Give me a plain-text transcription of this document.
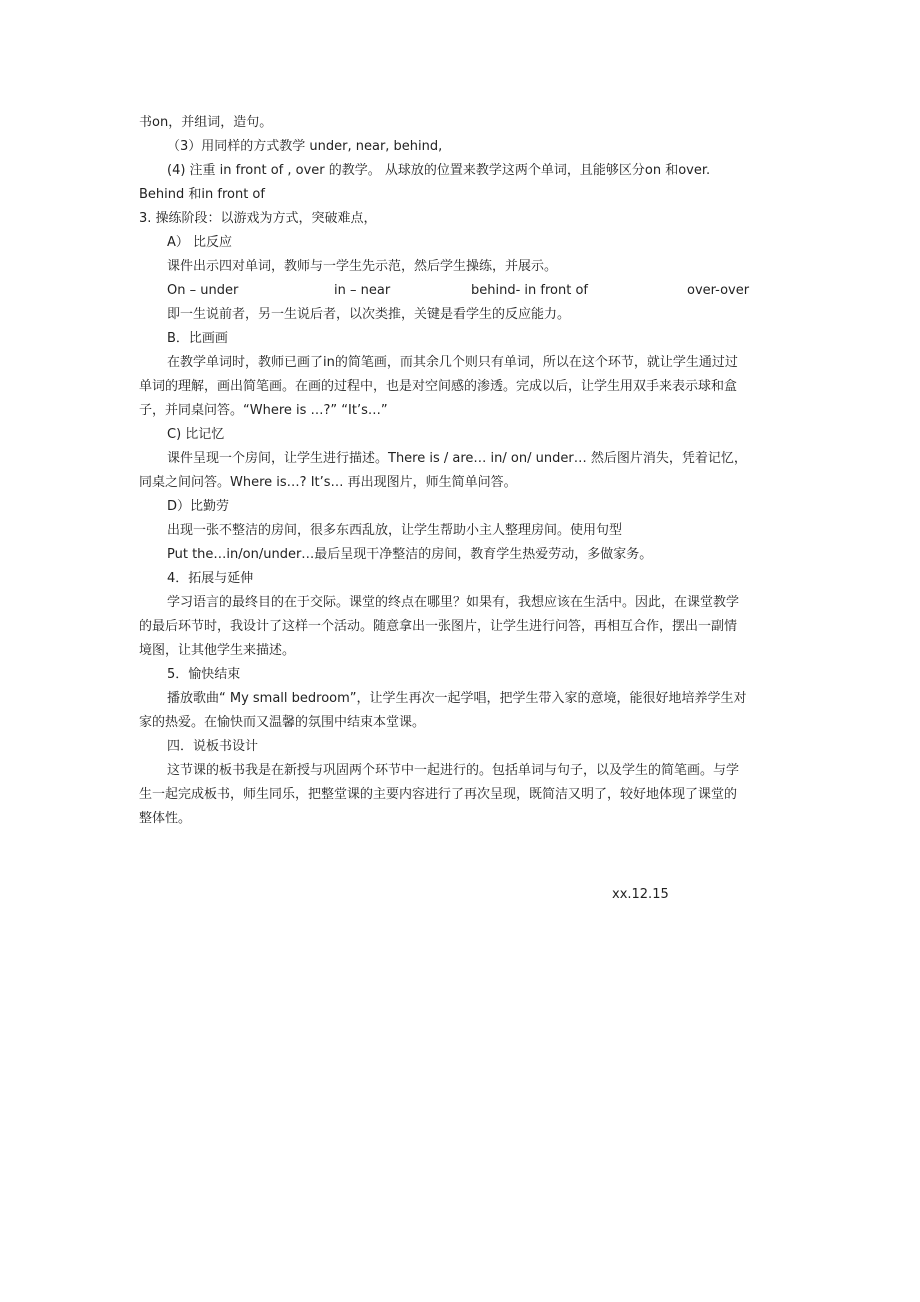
书on，并组词，造句。
（3）用同样的方式教学 under, near, behind,
(4) 注重 in front of , over 的教学。 从球放的位置来教学这两个单词，且能够区分on 和over.
Behind 和in front of
3. 操练阶段：以游戏为方式，突破难点，
A） 比反应
课件出示四对单词，教师与一学生先示范，然后学生操练，并展示。
On – under	in – near	behind- in front of	over-over
即一生说前者，另一生说后者，以次类推，关键是看学生的反应能力。
B．比画画
在教学单词时，教师已画了in的简笔画，而其余几个则只有单词，所以在这个环节，就让学生通过过
单词的理解，画出简笔画。在画的过程中，也是对空间感的渗透。完成以后，让学生用双手来表示球和盒
子，并同桌问答。“Where is …?” “It’s…”
C) 比记忆
课件呈现一个房间，让学生进行描述。There is / are… in/ on/ under… 然后图片消失，凭着记忆，
同桌之间问答。Where is…? It’s… 再出现图片，师生简单问答。
D）比勤劳
出现一张不整洁的房间，很多东西乱放，让学生帮助小主人整理房间。使用句型
Put the…in/on/under…最后呈现干净整洁的房间，教育学生热爱劳动，多做家务。
4．拓展与延伸
学习语言的最终目的在于交际。课堂的终点在哪里？如果有，我想应该在生活中。因此，在课堂教学
的最后环节时，我设计了这样一个活动。随意拿出一张图片，让学生进行问答，再相互合作，摆出一副情
境图，让其他学生来描述。
5．愉快结束
播放歌曲“ My small bedroom”，让学生再次一起学唱，把学生带入家的意境，能很好地培养学生对
家的热爱。在愉快而又温馨的氛围中结束本堂课。
四．说板书设计
这节课的板书我是在新授与巩固两个环节中一起进行的。包括单词与句子，以及学生的简笔画。与学
生一起完成板书，师生同乐，把整堂课的主要内容进行了再次呈现，既简洁又明了，较好地体现了课堂的
整体性。
xx.12.15
